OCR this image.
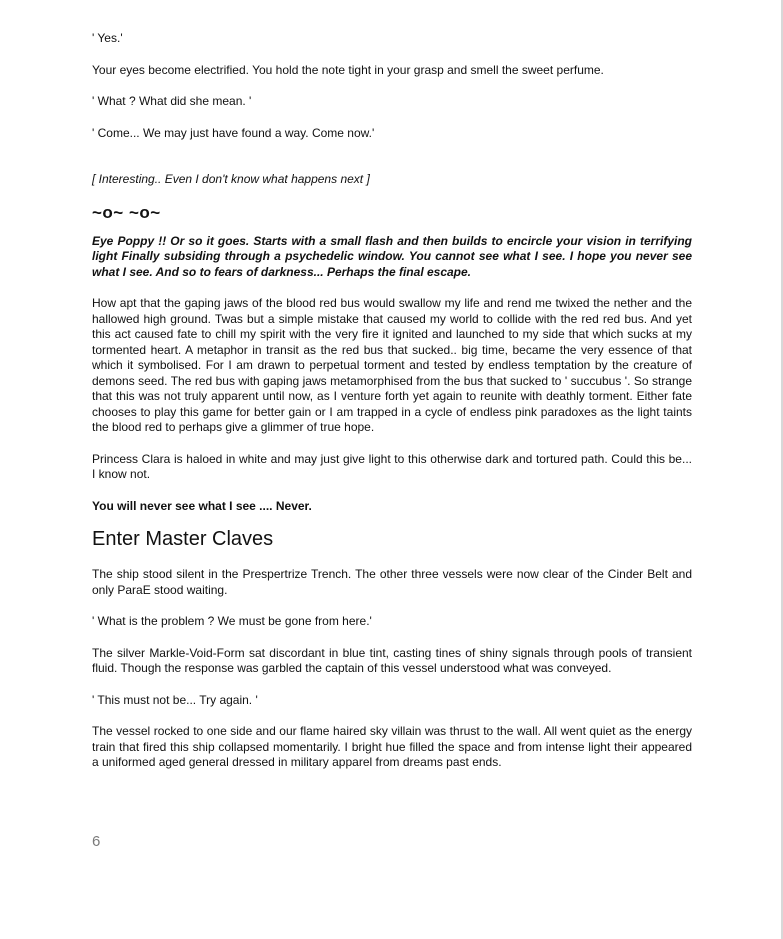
' Yes.'

Your eyes become electrified. You hold the note tight in your grasp and smell the sweet perfume.

' What ? What did she mean. '

' Come... We may just have found a way. Come now.'

[ Interesting.. Even I don't know what happens next ]

~o~ ~o~

Eye Poppy !! Or so it goes. Starts with a small flash and then builds to encircle your vision in terrifying light Finally subsiding through a psychedelic window. You cannot see what I see. I hope you never see what I see. And so to fears of darkness... Perhaps the final escape.

How apt that the gaping jaws of the blood red bus would swallow my life and rend me twixed the nether and the hallowed high ground. Twas but a simple mistake that caused my world to collide with the red red bus. And yet this act caused fate to chill my spirit with the very fire it ignited and launched to my side that which sucks at my tormented heart. A metaphor in transit as the red bus that sucked.. big time, became the very essence of that which it symbolised. For I am drawn to perpetual torment and tested by endless temptation by the creature of demons seed. The red bus with gaping jaws metamorphised from the bus that sucked to ' succubus '. So strange that this was not truly apparent until now, as I venture forth yet again to reunite with deathly torment. Either fate chooses to play this game for better gain or I am trapped in a cycle of endless pink paradoxes as the light taints the blood red to perhaps give a glimmer of true hope.

Princess Clara is haloed in white and may just give light to this otherwise dark and tortured path. Could this be... I know not.

You will never see what I see .... Never.

Enter Master Claves

The ship stood silent in the Prespertrize Trench. The other three vessels were now clear of the Cinder Belt and only ParaE stood waiting.

' What is the problem ? We must be gone from here.'

The silver Markle-Void-Form sat discordant in blue tint, casting tines of shiny signals through pools of transient fluid. Though the response was garbled the captain of this vessel understood what was conveyed.

' This must not be... Try again. '

The vessel rocked to one side and our flame haired sky villain was thrust to the wall. All went quiet as the energy train that fired this ship collapsed momentarily. I bright hue filled the space and from intense light their appeared a uniformed aged general dressed in military apparel from dreams past ends.

6
